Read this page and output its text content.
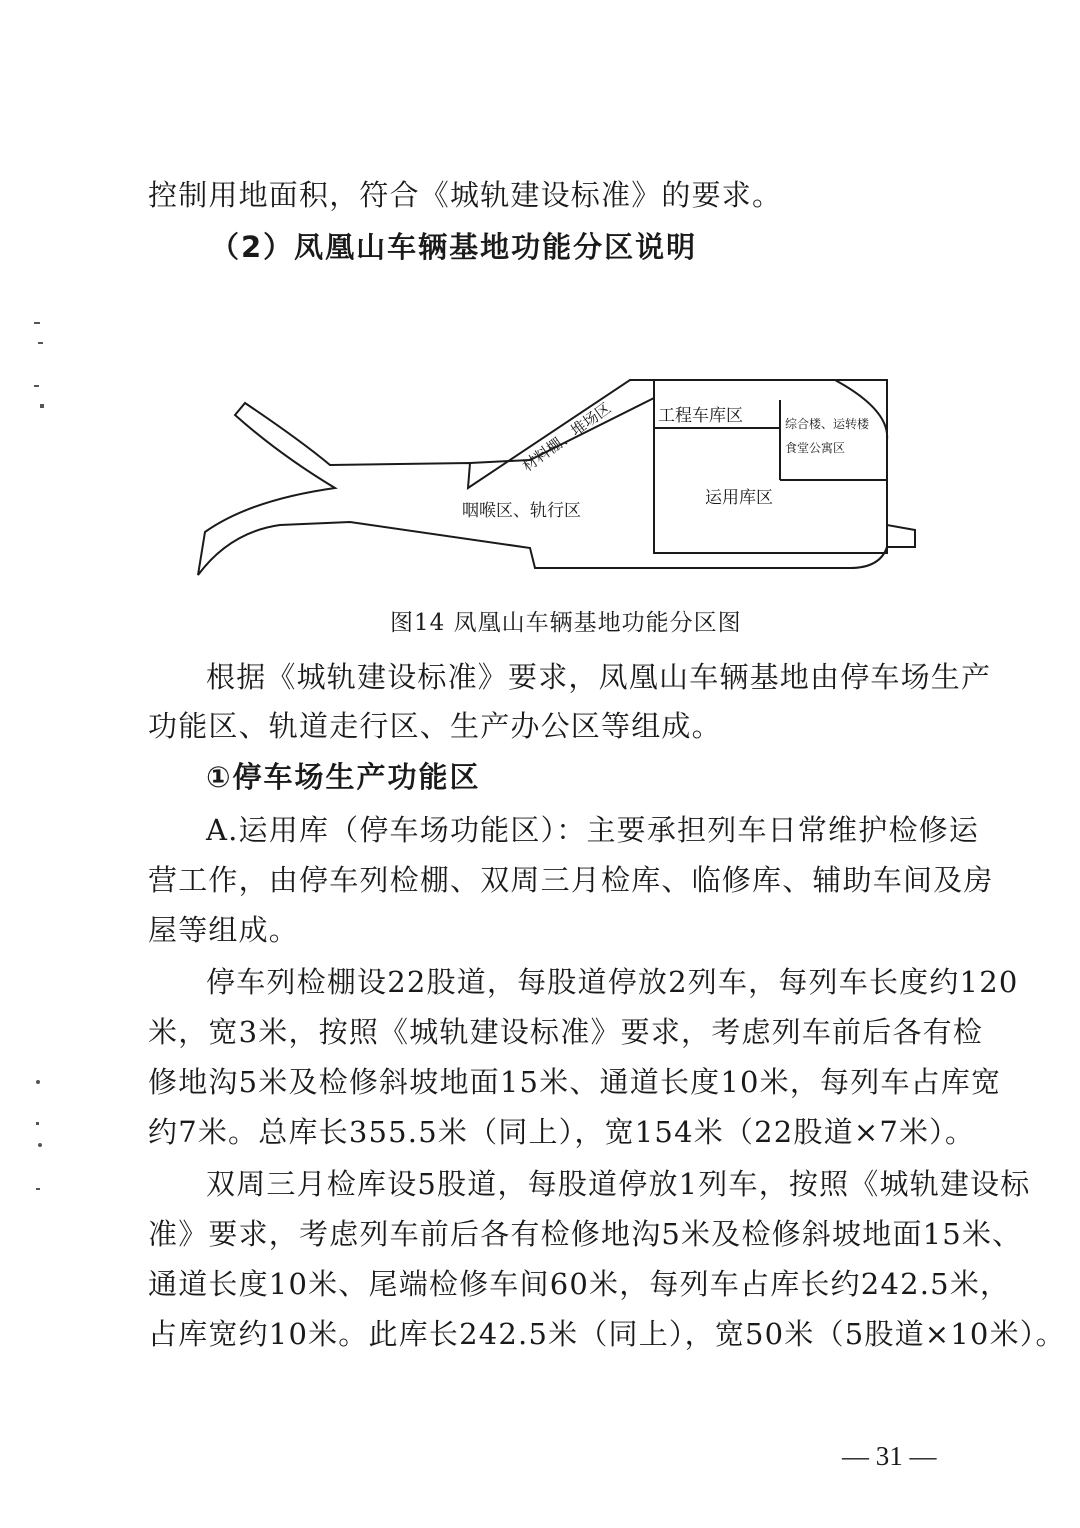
控制用地面积，符合《城轨建设标准》的要求。
（2）凤凰山车辆基地功能分区说明
咽喉区、轨行区
材料棚、堆场区	工程车库区
运用库区
综合楼、运转楼
食堂公寓区
图14 凤凰山车辆基地功能分区图
根据《城轨建设标准》要求，凤凰山车辆基地由停车场生产
功能区、轨道走行区、生产办公区等组成。
①停车场生产功能区
A.运用库（停车场功能区）：主要承担列车日常维护检修运
营工作，由停车列检棚、双周三月检库、临修库、辅助车间及房
屋等组成。
停车列检棚设22股道，每股道停放2列车，每列车长度约120
米，宽3米，按照《城轨建设标准》要求，考虑列车前后各有检
修地沟5米及检修斜坡地面15米、通道长度10米，每列车占库宽
约7米。总库长355.5米（同上），宽154米（22股道×7米）。
双周三月检库设5股道，每股道停放1列车，按照《城轨建设标
准》要求，考虑列车前后各有检修地沟5米及检修斜坡地面15米、
通道长度10米、尾端检修车间60米，每列车占库长约242.5米，
占库宽约10米。此库长242.5米（同上），宽50米（5股道×10米）。
— 31 —
